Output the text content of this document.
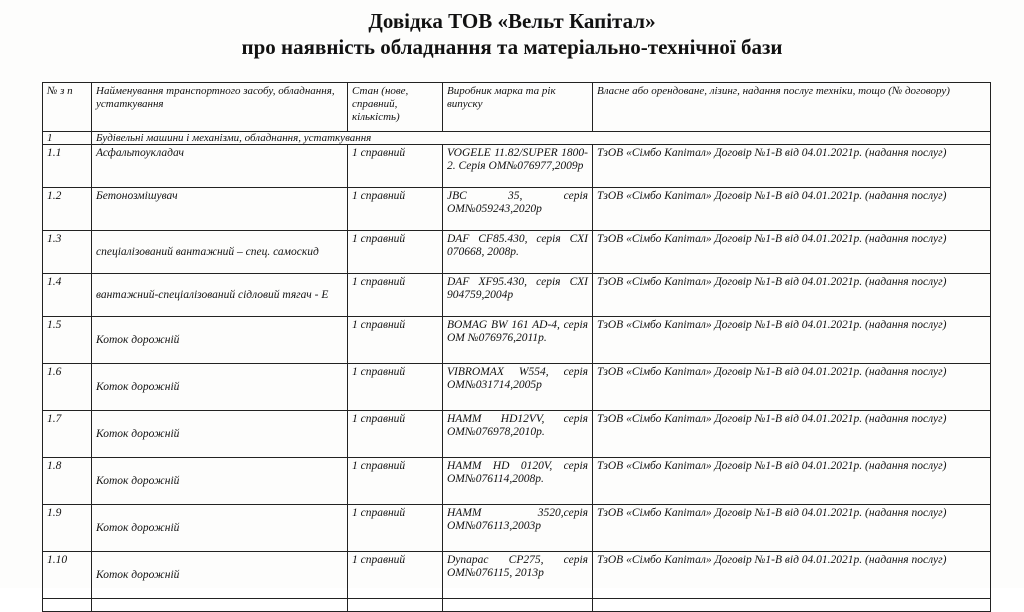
Довідка ТОВ «Вельт Капітал»
про наявність обладнання та матеріально-технічної бази
№ з п	Найменування транспортного засобу, обладнання, устаткування	Стан (нове, справний, кількість)	Виробник марка та рік випуску	Власне або орендоване, лізинг, надання послуг техніки, тощо (№ договору)
1	Будівельні машини і механізми, обладнання, устаткування			
1.1	Асфальтоукладач	1 справний	VOGELE 11.82/SUPER 1800-2. Серія ОМ№076977,2009р	ТзОВ «Сімбо Капітал» Договір №1-В від 04.01.2021р. (надання послуг)
1.2	Бетонозмішувач	1 справний	JBC 35, серія ОМ№059243,2020р	ТзОВ «Сімбо Капітал» Договір №1-В від 04.01.2021р. (надання послуг)
1.3	спеціалізований вантажний – спец. самоскид	1 справний	DAF CF85.430, серія СХІ 070668, 2008р.	ТзОВ «Сімбо Капітал» Договір №1-В від 04.01.2021р. (надання послуг)
1.4	вантажний-спеціалізований сідловий тягач - Е	1 справний	DAF XF95.430, серія СХІ 904759,2004р	ТзОВ «Сімбо Капітал» Договір №1-В від 04.01.2021р. (надання послуг)
1.5	Коток дорожній	1 справний	BOMAG BW 161 AD-4, серія ОМ №076976,2011р.	ТзОВ «Сімбо Капітал» Договір №1-В від 04.01.2021р. (надання послуг)
1.6	Коток дорожній	1 справний	VIBROMAX W554, серія ОМ№031714,2005р	ТзОВ «Сімбо Капітал» Договір №1-В від 04.01.2021р. (надання послуг)
1.7	Коток дорожній	1 справний	HAMM HD12VV, серія ОМ№076978,2010р.	ТзОВ «Сімбо Капітал» Договір №1-В від 04.01.2021р. (надання послуг)
1.8	Коток дорожній	1 справний	HAMM HD 0120V, серія ОМ№076114,2008р.	ТзОВ «Сімбо Капітал» Договір №1-В від 04.01.2021р. (надання послуг)
1.9	Коток дорожній	1 справний	HAMM 3520,серія ОМ№076113,2003р	ТзОВ «Сімбо Капітал» Договір №1-В від 04.01.2021р. (надання послуг)
1.10	Коток дорожній	1 справний	Dynapac CP275, серія ОМ№076115, 2013р	ТзОВ «Сімбо Капітал» Договір №1-В від 04.01.2021р. (надання послуг)
